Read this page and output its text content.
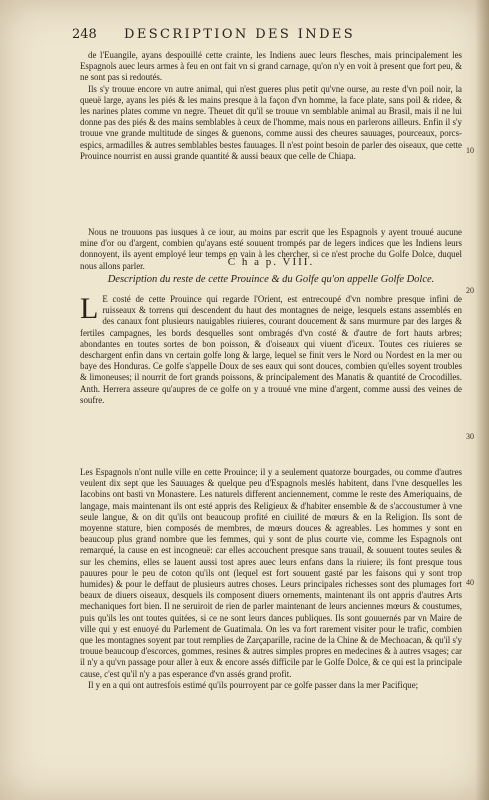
248 DESCRIPTION DES INDES

de l'Euangile, ayans despouillé cette crainte, les Indiens auec leurs flesches, mais principalement les Espagnols auec leurs armes à feu en ont fait vn si grand carnage, qu'on n'y en voit à present que fort peu, & ne sont pas si redoutés.

Ils s'y trouue encore vn autre animal, qui n'est gueres plus petit qu'vne ourse, au reste d'vn poil noir, la queuë large, ayans les piés & les mains presque à la façon d'vn homme, la face plate, sans poil & ridee, & les narines plates comme vn negre. Theuet dit qu'il se trouue vn semblable animal au Brasil, mais il ne lui donne pas des piés & des mains semblables à ceux de l'homme, mais nous en parlerons ailleurs. Enfin il s'y trouue vne grande multitude de singes & guenons, comme aussi des cheures sauuages, pourceaux, porcs-espics, armadilles & autres semblables bestes fauuages. Il n'est point besoin de parler des oiseaux, que cette Prouince nourrist en aussi grande quantité & aussi beaux que celle de Chiapa.

Nous ne trouuons pas iusques à ce iour, au moins par escrit que les Espagnols y ayent trouué aucune mine d'or ou d'argent, combien qu'ayans esté souuent trompés par de legers indices que les Indiens leurs donnoyent, ils ayent employé leur temps en vain à les chercher, si ce n'est proche du Golfe Dolce, duquel nous allons parler.	C h a p. VIII.
Description du reste de cette Prouince & du Golfe qu'on appelle Golfe Dolce.

L E costé de cette Prouince qui regarde l'Orient, est entrecoupé d'vn nombre presque infini de ruisseaux & torrens qui descendent du haut des montagnes de neige, lesquels estans assemblés en des canaux font plusieurs nauigables riuieres, courant doucement & sans murmure par des larges & fertiles campagnes, les bords desquelles sont ombragés d'vn costé & d'autre de fort hauts arbres; abondantes en toutes sortes de bon poisson, & d'oiseaux qui viuent d'iceux. Toutes ces riuieres se deschargent enfin dans vn certain golfe long & large, lequel se finit vers le Nord ou Nordest en la mer ou baye des Honduras. Ce golfe s'appelle Doux de ses eaux qui sont douces, combien qu'elles soyent troubles & limoneuses; il nourrit de fort grands poissons, & principalement des Manatis & quantité de Crocodilles. Anth. Herrera asseure qu'aupres de ce golfe on y a trouué vne mine d'argent, comme aussi des veines de soufre.

Les Espagnols n'ont nulle ville en cette Prouince; il y a seulement quatorze bourgades, ou comme d'autres veulent dix sept que les Sauuages & quelque peu d'Espagnols meslés habitent, dans l'vne desquelles les Iacobins ont basti vn Monastere. Les naturels different anciennement, comme le reste des Ameriquains, de langage, mais maintenant ils ont esté appris des Religieux & d'habiter ensemble & de s'accoustumer à vne seule langue, & on dit qu'ils ont beaucoup profité en ciuilité de mœurs & en la Religion. Ils sont de moyenne stature, bien composés de membres, de mœurs douces & agreables. Les hommes y sont en beaucoup plus grand nombre que les femmes, qui y sont de plus courte vie, comme les Espagnols ont remarqué, la cause en est incogneuë: car elles accouchent presque sans trauail, & souuent toutes seules & sur les chemins, elles se lauent aussi tost apres auec leurs enfans dans la riuiere; ils font presque tous pauures pour le peu de coton qu'ils ont (lequel est fort souuent gasté par les faisons qui y sont trop humides) & pour le deffaut de plusieurs autres choses. Leurs principales richesses sont des plumages fort beaux de diuers oiseaux, desquels ils composent diuers ornements, maintenant ils ont appris d'autres Arts mechaniques fort bien. Il ne seruiroit de rien de parler maintenant de leurs anciennes mœurs & coustumes, puis qu'ils les ont toutes quitées, si ce ne sont leurs dances publiques. Ils sont gouuernés par vn Maire de ville qui y est enuoyé du Parlement de Guatimala. On les va fort rarement visiter pour le trafic, combien que les montagnes soyent par tout remplies de Zarçaparille, racine de la Chine & de Mechoacan, & qu'il s'y trouue beaucoup d'escorces, gommes, resines & autres simples propres en medecines & à autres vsages; car il n'y a qu'vn passage pour aller à eux & encore assés difficile par le Golfe Dolce, & ce qui est la principale cause, c'est qu'il n'y a pas esperance d'vn assés grand profit.

Il y en a qui ont autresfois estimé qu'ils pourroyent par ce golfe passer dans la mer Pacifique;

10
20
30
40
